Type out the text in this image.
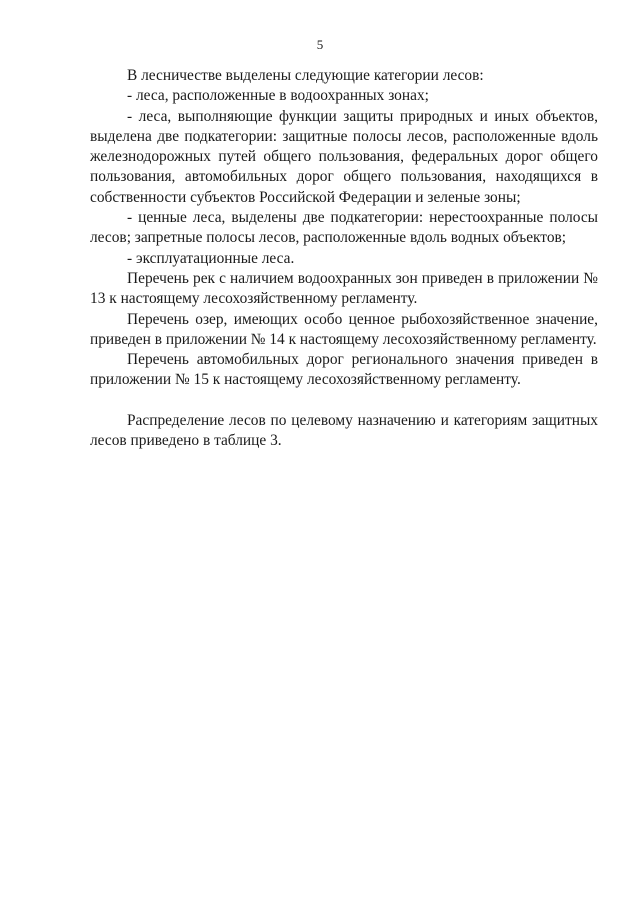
5

В лесничестве выделены следующие категории лесов:

- леса, расположенные в водоохранных зонах;

- леса, выполняющие функции защиты природных и иных объектов, выделена две подкатегории: защитные полосы лесов, расположенные вдоль железнодорожных путей общего пользования, федеральных дорог общего пользования, автомобильных дорог общего пользования, находящихся в собственности субъектов Российской Федерации и зеленые зоны;

- ценные леса, выделены две подкатегории: нерестоохранные полосы лесов; запретные полосы лесов, расположенные вдоль водных объектов;

- эксплуатационные леса.

Перечень рек с наличием водоохранных зон приведен в приложении № 13 к настоящему лесохозяйственному регламенту.

Перечень озер, имеющих особо ценное рыбохозяйственное значение, приведен в приложении № 14 к настоящему лесохозяйственному регламенту.

Перечень автомобильных дорог регионального значения приведен в приложении № 15 к настоящему лесохозяйственному регламенту.

Распределение лесов по целевому назначению и категориям защитных лесов приведено в таблице 3.
